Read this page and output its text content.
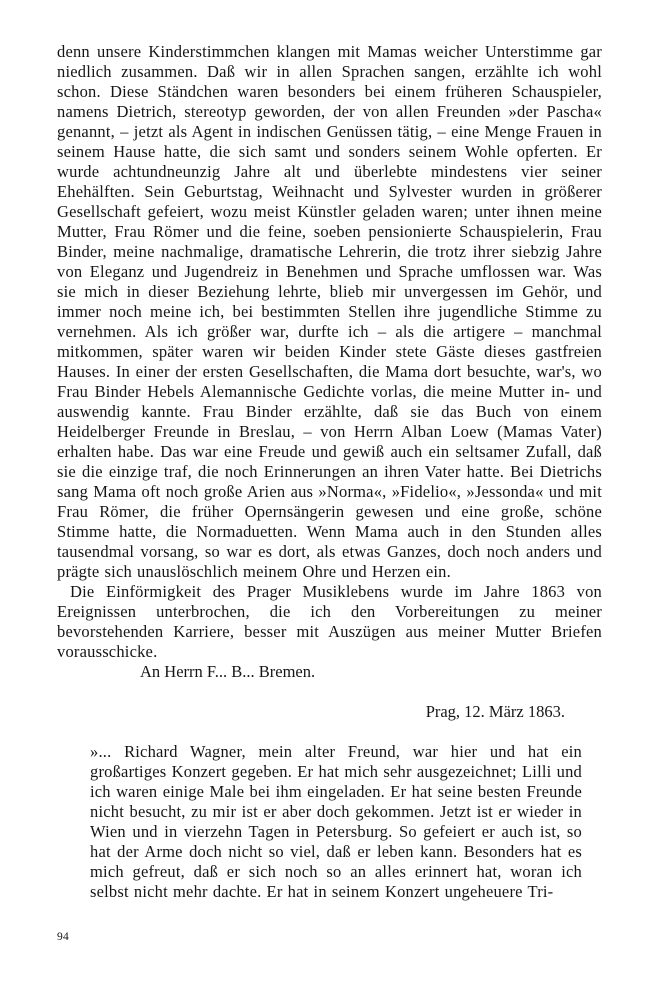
denn unsere Kinderstimmchen klangen mit Mamas weicher Unterstimme gar niedlich zusammen. Daß wir in allen Sprachen sangen, erzählte ich wohl schon. Diese Ständchen waren besonders bei einem früheren Schauspieler, namens Dietrich, stereotyp geworden, der von allen Freunden »der Pascha« genannt, – jetzt als Agent in indischen Genüssen tätig, – eine Menge Frauen in seinem Hause hatte, die sich samt und sonders seinem Wohle opferten. Er wurde achtundneunzig Jahre alt und überlebte mindestens vier seiner Ehehälften. Sein Geburtstag, Weihnacht und Sylvester wurden in größerer Gesellschaft gefeiert, wozu meist Künstler geladen waren; unter ihnen meine Mutter, Frau Römer und die feine, soeben pensionierte Schauspielerin, Frau Binder, meine nachmalige, dramatische Lehrerin, die trotz ihrer siebzig Jahre von Eleganz und Jugendreiz in Benehmen und Sprache umflossen war. Was sie mich in dieser Beziehung lehrte, blieb mir unvergessen im Gehör, und immer noch meine ich, bei bestimmten Stellen ihre jugendliche Stimme zu vernehmen. Als ich größer war, durfte ich – als die artigere – manchmal mitkommen, später waren wir beiden Kinder stete Gäste dieses gastfreien Hauses. In einer der ersten Gesellschaften, die Mama dort besuchte, war's, wo Frau Binder Hebels Alemannische Gedichte vorlas, die meine Mutter in- und auswendig kannte. Frau Binder erzählte, daß sie das Buch von einem Heidelberger Freunde in Breslau, – von Herrn Alban Loew (Mamas Vater) erhalten habe. Das war eine Freude und gewiß auch ein seltsamer Zufall, daß sie die einzige traf, die noch Erinnerungen an ihren Vater hatte. Bei Dietrichs sang Mama oft noch große Arien aus »Norma«, »Fidelio«, »Jessonda« und mit Frau Römer, die früher Opernsängerin gewesen und eine große, schöne Stimme hatte, die Normaduetten. Wenn Mama auch in den Stunden alles tausendmal vorsang, so war es dort, als etwas Ganzes, doch noch anders und prägte sich unauslöschlich meinem Ohre und Herzen ein.

Die Einförmigkeit des Prager Musiklebens wurde im Jahre 1863 von Ereignissen unterbrochen, die ich den Vorbereitungen zu meiner bevorstehenden Karriere, besser mit Auszügen aus meiner Mutter Briefen vorausschicke.

An Herrn F... B... Bremen.

Prag, 12. März 1863.

»... Richard Wagner, mein alter Freund, war hier und hat ein großartiges Konzert gegeben. Er hat mich sehr ausgezeichnet; Lilli und ich waren einige Male bei ihm eingeladen. Er hat seine besten Freunde nicht besucht, zu mir ist er aber doch gekommen. Jetzt ist er wieder in Wien und in vierzehn Tagen in Petersburg. So gefeiert er auch ist, so hat der Arme doch nicht so viel, daß er leben kann. Besonders hat es mich gefreut, daß er sich noch so an alles erinnert hat, woran ich selbst nicht mehr dachte. Er hat in seinem Konzert ungeheuere Tri-

94
